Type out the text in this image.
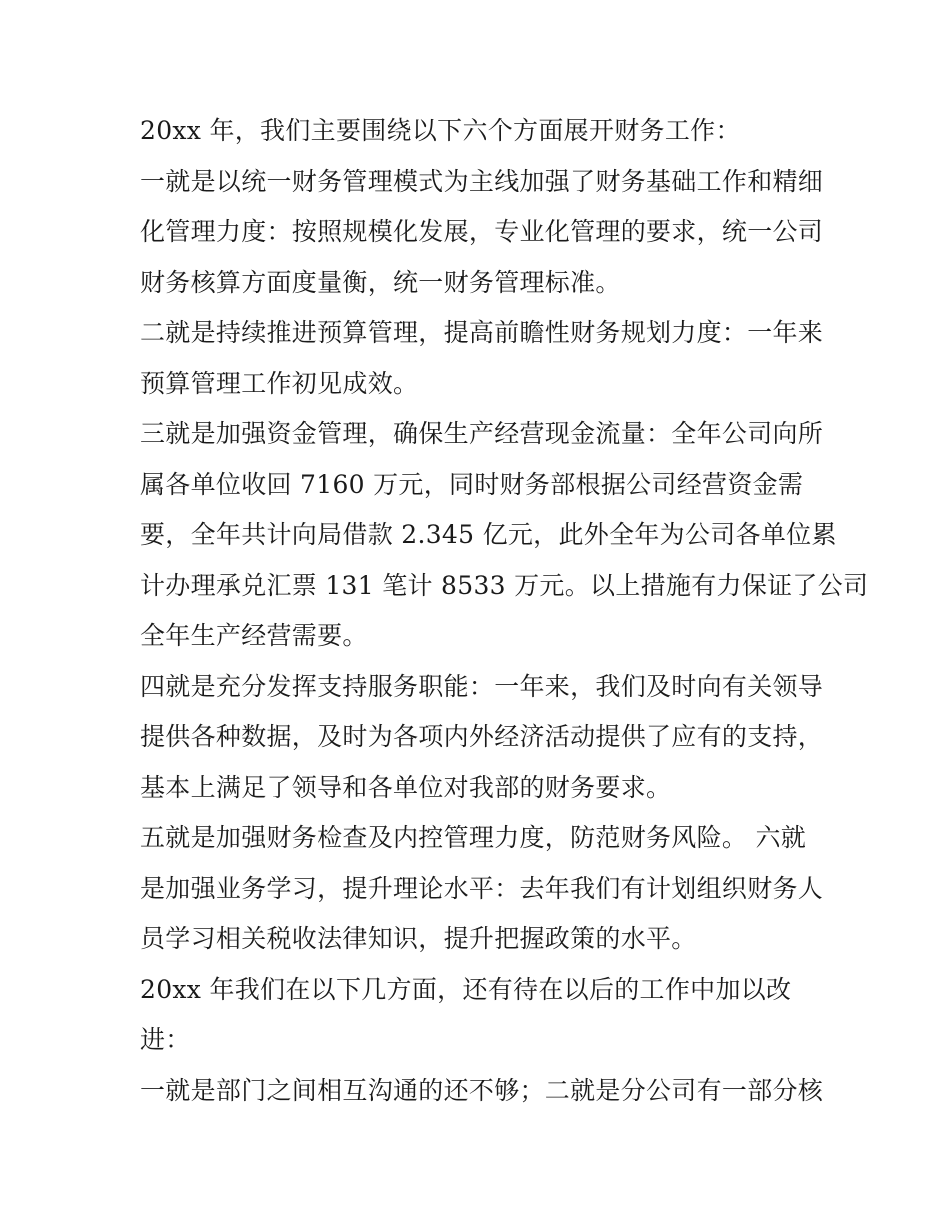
20xx 年，我们主要围绕以下六个方面展开财务工作：
一就是以统一财务管理模式为主线加强了财务基础工作和精细
化管理力度：按照规模化发展，专业化管理的要求，统一公司
财务核算方面度量衡，统一财务管理标准。
二就是持续推进预算管理，提高前瞻性财务规划力度：一年来
预算管理工作初见成效。
三就是加强资金管理，确保生产经营现金流量：全年公司向所
属各单位收回 7160 万元，同时财务部根据公司经营资金需
要，全年共计向局借款 2.345 亿元，此外全年为公司各单位累
计办理承兑汇票 131 笔计 8533 万元。以上措施有力保证了公司
全年生产经营需要。
四就是充分发挥支持服务职能：一年来，我们及时向有关领导
提供各种数据，及时为各项内外经济活动提供了应有的支持，
基本上满足了领导和各单位对我部的财务要求。
五就是加强财务检查及内控管理力度，防范财务风险。 六就
是加强业务学习，提升理论水平：去年我们有计划组织财务人
员学习相关税收法律知识，提升把握政策的水平。
20xx 年我们在以下几方面，还有待在以后的工作中加以改
进：
一就是部门之间相互沟通的还不够；二就是分公司有一部分核
